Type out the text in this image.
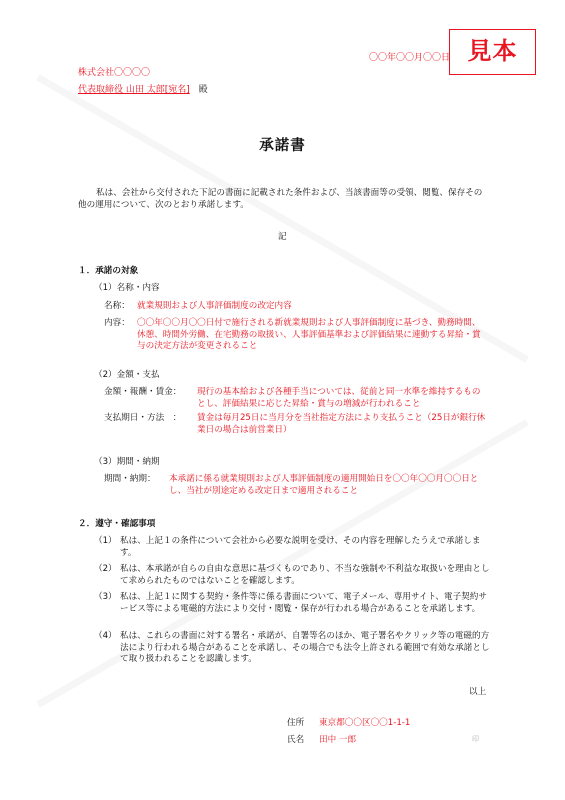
〇〇年〇〇月〇〇日 見本
株式会社〇〇〇〇
代表取締役 山田 太郎[宛名] 殿
承諾書
私は、会社から交付された下記の書面に記載された条件および、当該書面等の受領、閲覧、保存その他の運用について、次のとおり承諾します。
記
１．承諾の対象
（1）名称・内容
名称： 就業規則および人事評価制度の改定内容
内容： 〇〇年〇〇月〇〇日付で施行される新就業規則および人事評価制度に基づき、勤務時間、休憩、時間外労働、在宅勤務の取扱い、人事評価基準および評価結果に連動する昇給・賞与の決定方法が変更されること
（2）金額・支払
金額・報酬・賃金： 現行の基本給および各種手当については、従前と同一水準を維持するものとし、評価結果に応じた昇給・賞与の増減が行われること
支払期日・方法　： 賃金は毎月25日に当月分を当社指定方法により支払うこと（25日が銀行休業日の場合は前営業日）
（3）期間・納期
期間・納期： 本承諾に係る就業規則および人事評価制度の適用開始日を〇〇年〇〇月〇〇日とし、当社が別途定める改定日まで適用されること
２．遵守・確認事項
（1） 私は、上記１の条件について会社から必要な説明を受け、その内容を理解したうえで承諾します。
（2） 私は、本承諾が自らの自由な意思に基づくものであり、不当な強制や不利益な取扱いを理由として求められたものではないことを確認します。
（3） 私は、上記１に関する契約・条件等に係る書面について、電子メール、専用サイト、電子契約サービス等による電磁的方法により交付・閲覧・保存が行われる場合があることを承諾します。
（4） 私は、これらの書面に対する署名・承諾が、自署等名のほか、電子署名やクリック等の電磁的方法により行われる場合があることを承諾し、その場合でも法令上許される範囲で有効な承諾として取り扱われることを認識します。
以上
住所 東京都〇〇区〇〇1-1-1
氏名 田中 一郎	印
